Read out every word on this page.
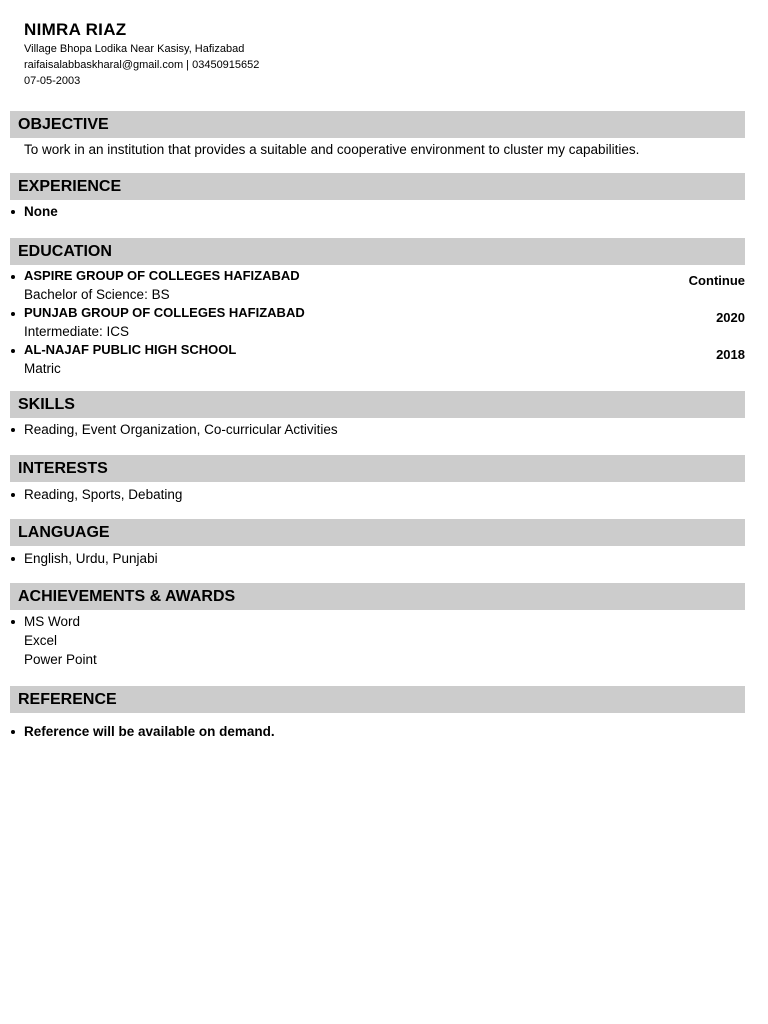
NIMRA RIAZ
Village Bhopa Lodika Near Kasisy, Hafizabad
raifaisalabbaskharal@gmail.com | 03450915652
07-05-2003
OBJECTIVE
To work in an institution that provides a suitable and cooperative environment to cluster my capabilities.
EXPERIENCE
None
EDUCATION
ASPIRE GROUP OF COLLEGES HAFIZABAD
Bachelor of Science: BS
Continue
PUNJAB GROUP OF COLLEGES HAFIZABAD
Intermediate: ICS
2020
AL-NAJAF PUBLIC HIGH SCHOOL
Matric
2018
SKILLS
Reading, Event Organization, Co-curricular Activities
INTERESTS
Reading, Sports, Debating
LANGUAGE
English, Urdu, Punjabi
ACHIEVEMENTS & AWARDS
MS Word
Excel
Power Point
REFERENCE
Reference will be available on demand.
